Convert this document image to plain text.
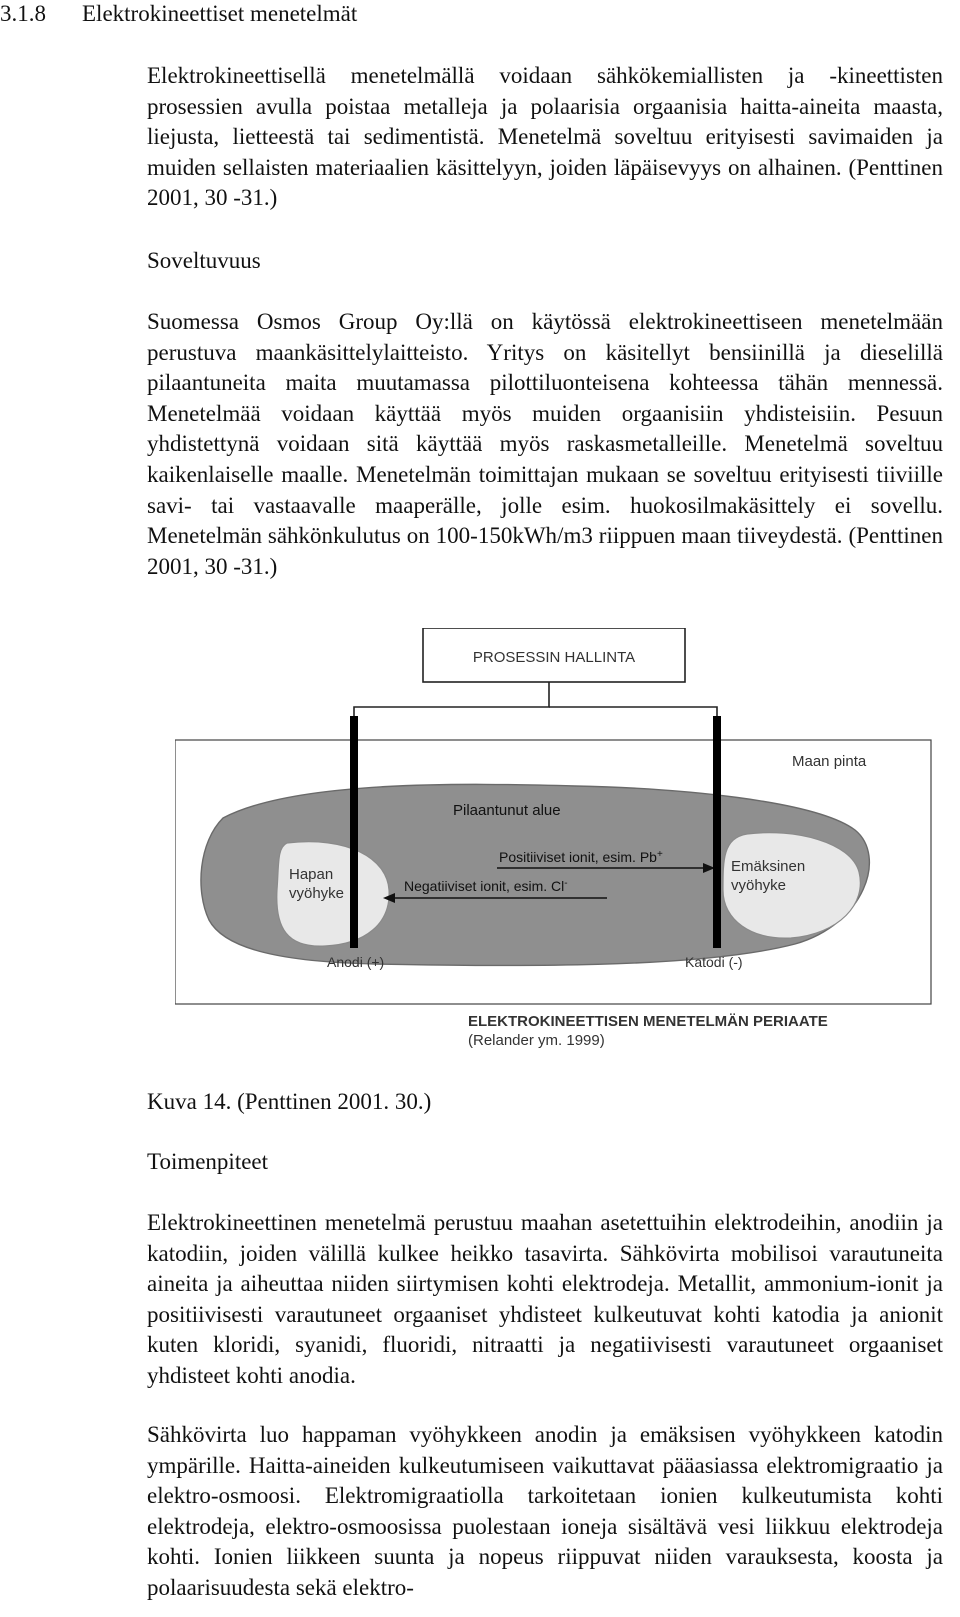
3.1.8 Elektrokineettiset menetelmät

Elektrokineettisellä menetelmällä voidaan sähkökemiallisten ja -kineettisten prosessien avulla poistaa metalleja ja polaarisia orgaanisia haitta-aineita maasta, liejusta, lietteestä tai sedimentistä. Menetelmä soveltuu erityisesti savimaiden ja muiden sellaisten materiaalien käsittelyyn, joiden läpäisevyys on alhainen. (Penttinen 2001, 30 -31.)

Soveltuvuus

Suomessa Osmos Group Oy:llä on käytössä elektrokineettiseen menetelmään perustuva maankäsittelylaitteisto. Yritys on käsitellyt bensiinillä ja dieselillä pilaantuneita maita muutamassa pilottiluonteisena kohteessa tähän mennessä. Menetelmää voidaan käyttää myös muiden orgaanisiin yhdisteisiin. Pesuun yhdistettynä voidaan sitä käyttää myös raskasmetalleille. Menetelmä soveltuu kaikenlaiselle maalle. Menetelmän toimittajan mukaan se soveltuu erityisesti tiiviille savi- tai vastaavalle maaperälle, jolle esim. huokosilmakäsittely ei sovellu. Menetelmän sähkönkulutus on 100-150kWh/m3 riippuen maan tiiveydestä. (Penttinen 2001, 30 -31.)

PROSESSIN HALLINTA
Maan pinta
Pilaantunut alue
Hapan
vyöhyke
Emäksinen
vyöhyke
Positiiviset ionit, esim. Pb+
Negatiiviset ionit, esim. Cl-
Anodi (+)	Katodi (-)
ELEKTROKINEETTISEN MENETELMÄN PERIAATE
(Relander ym. 1999)

Kuva 14. (Penttinen 2001. 30.)

Toimenpiteet

Elektrokineettinen menetelmä perustuu maahan asetettuihin elektrodeihin, anodiin ja katodiin, joiden välillä kulkee heikko tasavirta. Sähkövirta mobilisoi varautuneita aineita ja aiheuttaa niiden siirtymisen kohti elektrodeja. Metallit, ammonium-ionit ja positiivisesti varautuneet orgaaniset yhdisteet kulkeutuvat kohti katodia ja anionit kuten kloridi, syanidi, fluoridi, nitraatti ja negatiivisesti varautuneet orgaaniset yhdisteet kohti anodia.

Sähkövirta luo happaman vyöhykkeen anodin ja emäksisen vyöhykkeen katodin ympärille. Haitta-aineiden kulkeutumiseen vaikuttavat pääasiassa elektromigraatio ja elektro-osmoosi. Elektromigraatiolla tarkoitetaan ionien kulkeutumista kohti elektrodeja, elektro-osmoosissa puolestaan ioneja sisältävä vesi liikkuu elektrodeja kohti. Ionien liikkeen suunta ja nopeus riippuvat niiden varauksesta, koosta ja polaarisuudesta sekä elektro-
